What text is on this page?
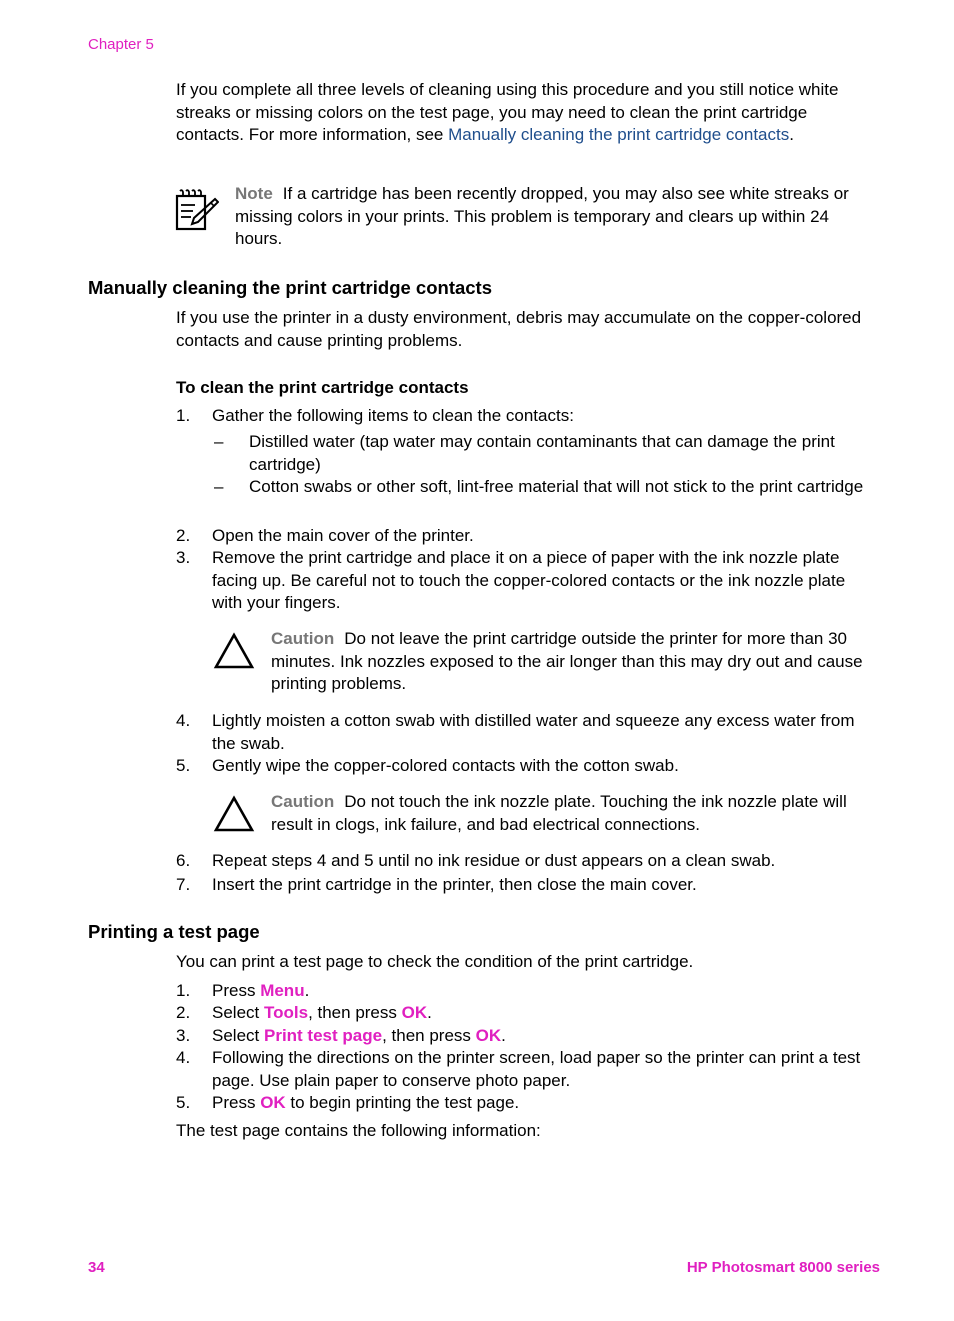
Chapter 5
If you complete all three levels of cleaning using this procedure and you still notice white streaks or missing colors on the test page, you may need to clean the print cartridge contacts. For more information, see Manually cleaning the print cartridge contacts.
Note If a cartridge has been recently dropped, you may also see white streaks or missing colors in your prints. This problem is temporary and clears up within 24 hours.
Manually cleaning the print cartridge contacts
If you use the printer in a dusty environment, debris may accumulate on the copper-colored contacts and cause printing problems.
To clean the print cartridge contacts
1. Gather the following items to clean the contacts:
– Distilled water (tap water may contain contaminants that can damage the print cartridge)
– Cotton swabs or other soft, lint-free material that will not stick to the print cartridge
2. Open the main cover of the printer.
3. Remove the print cartridge and place it on a piece of paper with the ink nozzle plate facing up. Be careful not to touch the copper-colored contacts or the ink nozzle plate with your fingers.
Caution Do not leave the print cartridge outside the printer for more than 30 minutes. Ink nozzles exposed to the air longer than this may dry out and cause printing problems.
4. Lightly moisten a cotton swab with distilled water and squeeze any excess water from the swab.
5. Gently wipe the copper-colored contacts with the cotton swab.
Caution Do not touch the ink nozzle plate. Touching the ink nozzle plate will result in clogs, ink failure, and bad electrical connections.
6. Repeat steps 4 and 5 until no ink residue or dust appears on a clean swab.
7. Insert the print cartridge in the printer, then close the main cover.
Printing a test page
You can print a test page to check the condition of the print cartridge.
1. Press Menu.
2. Select Tools, then press OK.
3. Select Print test page, then press OK.
4. Following the directions on the printer screen, load paper so the printer can print a test page. Use plain paper to conserve photo paper.
5. Press OK to begin printing the test page.
The test page contains the following information:
34	HP Photosmart 8000 series
